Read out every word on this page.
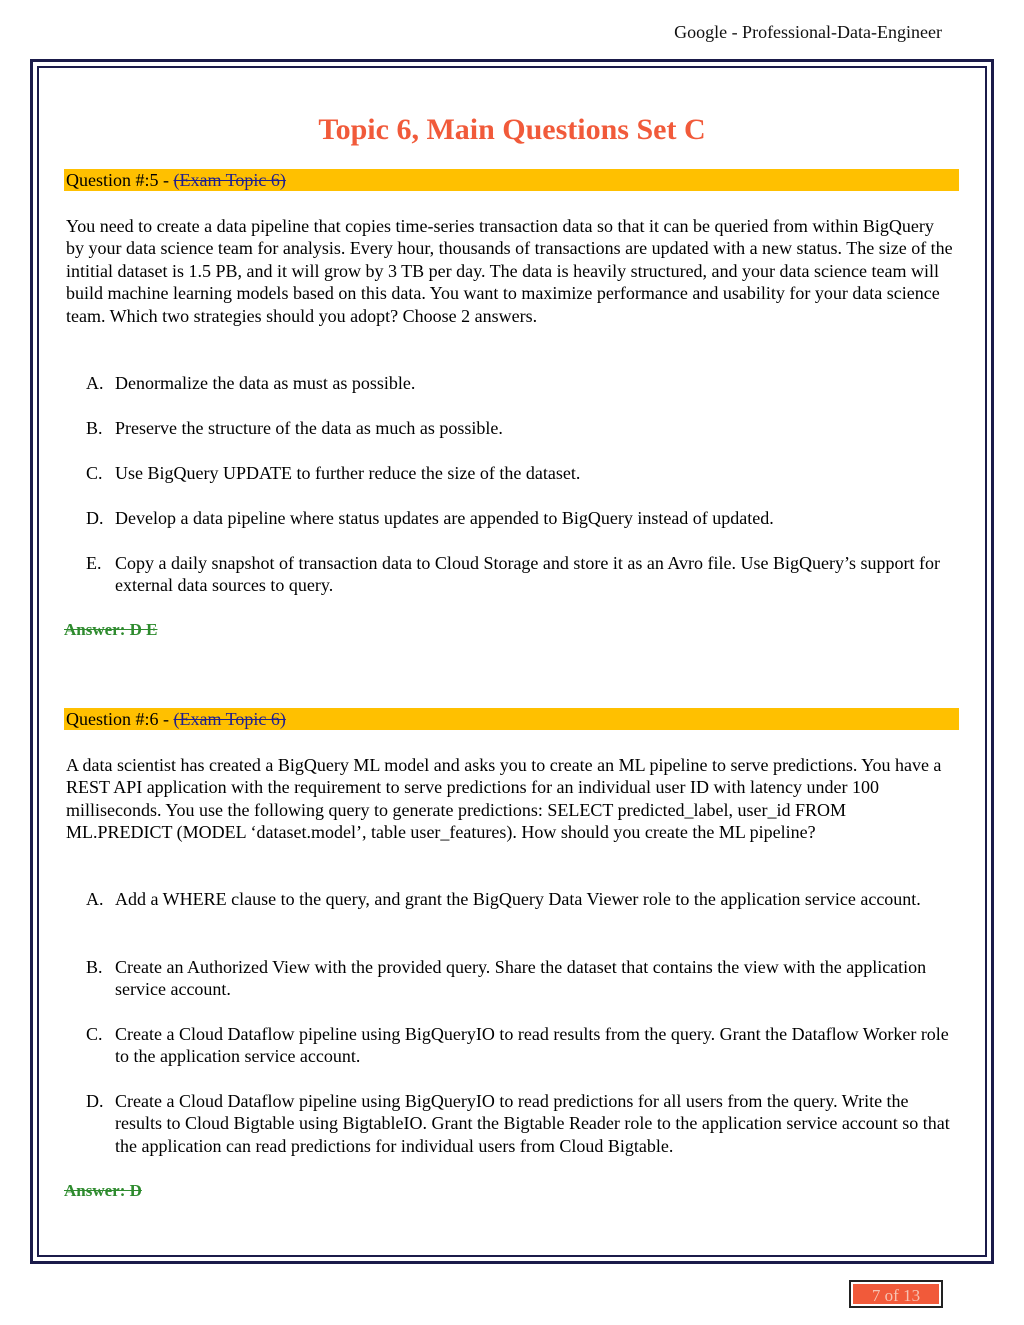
Google - Professional-Data-Engineer
Topic 6, Main Questions Set C
Question #:5 - (Exam Topic 6)
You need to create a data pipeline that copies time-series transaction data so that it can be queried from within BigQuery by your data science team for analysis. Every hour, thousands of transactions are updated with a new status. The size of the intitial dataset is 1.5 PB, and it will grow by 3 TB per day. The data is heavily structured, and your data science team will build machine learning models based on this data. You want to maximize performance and usability for your data science team. Which two strategies should you adopt? Choose 2 answers.
A. Denormalize the data as must as possible.
B. Preserve the structure of the data as much as possible.
C. Use BigQuery UPDATE to further reduce the size of the dataset.
D. Develop a data pipeline where status updates are appended to BigQuery instead of updated.
E. Copy a daily snapshot of transaction data to Cloud Storage and store it as an Avro file. Use BigQuery’s support for external data sources to query.
Answer: D E
Question #:6 - (Exam Topic 6)
A data scientist has created a BigQuery ML model and asks you to create an ML pipeline to serve predictions. You have a REST API application with the requirement to serve predictions for an individual user ID with latency under 100 milliseconds. You use the following query to generate predictions: SELECT predicted_label, user_id FROM ML.PREDICT (MODEL ‘dataset.model’, table user_features). How should you create the ML pipeline?
A. Add a WHERE clause to the query, and grant the BigQuery Data Viewer role to the application service account.
B. Create an Authorized View with the provided query. Share the dataset that contains the view with the application service account.
C. Create a Cloud Dataflow pipeline using BigQueryIO to read results from the query. Grant the Dataflow Worker role to the application service account.
D. Create a Cloud Dataflow pipeline using BigQueryIO to read predictions for all users from the query. Write the results to Cloud Bigtable using BigtableIO. Grant the Bigtable Reader role to the application service account so that the application can read predictions for individual users from Cloud Bigtable.
Answer: D
7 of 13
